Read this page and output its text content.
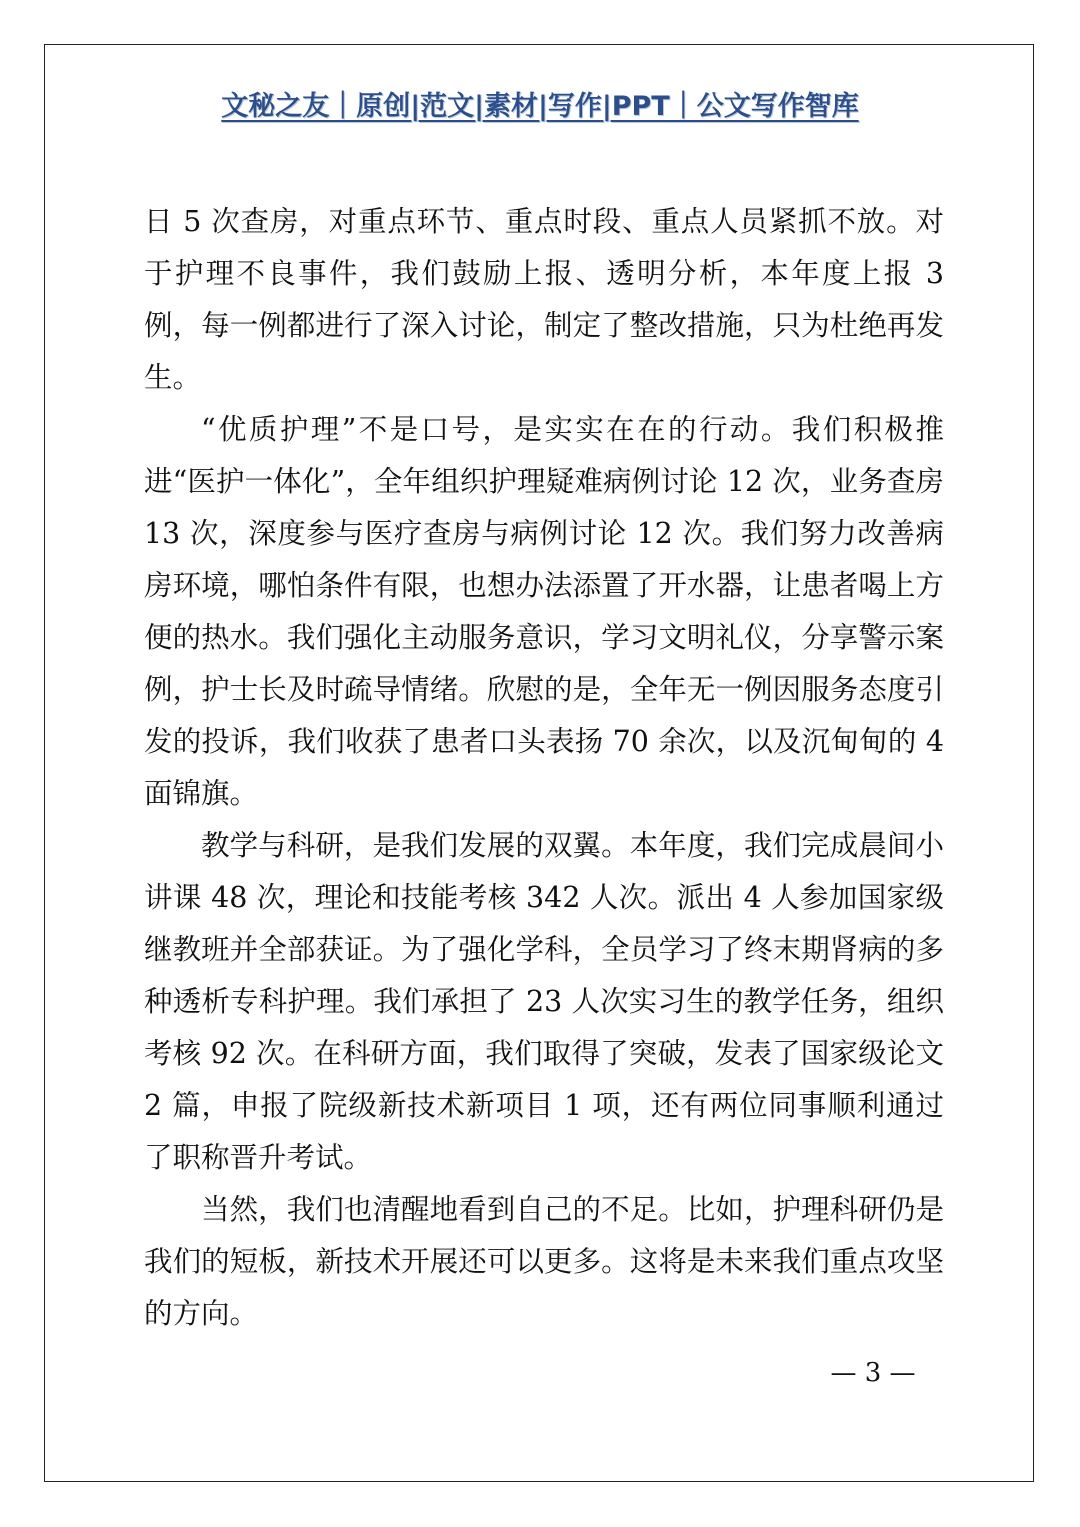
文秘之友｜原创|范文|素材|写作|PPT｜公文写作智库

日 5 次查房，对重点环节、重点时段、重点人员紧抓不放。对于护理不良事件，我们鼓励上报、透明分析，本年度上报 3 例，每一例都进行了深入讨论，制定了整改措施，只为杜绝再发生。

“优质护理”不是口号，是实实在在的行动。我们积极推进“医护一体化”，全年组织护理疑难病例讨论 12 次，业务查房 13 次，深度参与医疗查房与病例讨论 12 次。我们努力改善病房环境，哪怕条件有限，也想办法添置了开水器，让患者喝上方便的热水。我们强化主动服务意识，学习文明礼仪，分享警示案例，护士长及时疏导情绪。欣慰的是，全年无一例因服务态度引发的投诉，我们收获了患者口头表扬 70 余次，以及沉甸甸的 4 面锦旗。

教学与科研，是我们发展的双翼。本年度，我们完成晨间小讲课 48 次，理论和技能考核 342 人次。派出 4 人参加国家级继教班并全部获证。为了强化学科，全员学习了终末期肾病的多种透析专科护理。我们承担了 23 人次实习生的教学任务，组织考核 92 次。在科研方面，我们取得了突破，发表了国家级论文 2 篇，申报了院级新技术新项目 1 项，还有两位同事顺利通过了职称晋升考试。

当然，我们也清醒地看到自己的不足。比如，护理科研仍是我们的短板，新技术开展还可以更多。这将是未来我们重点攻坚的方向。

— 3 —
